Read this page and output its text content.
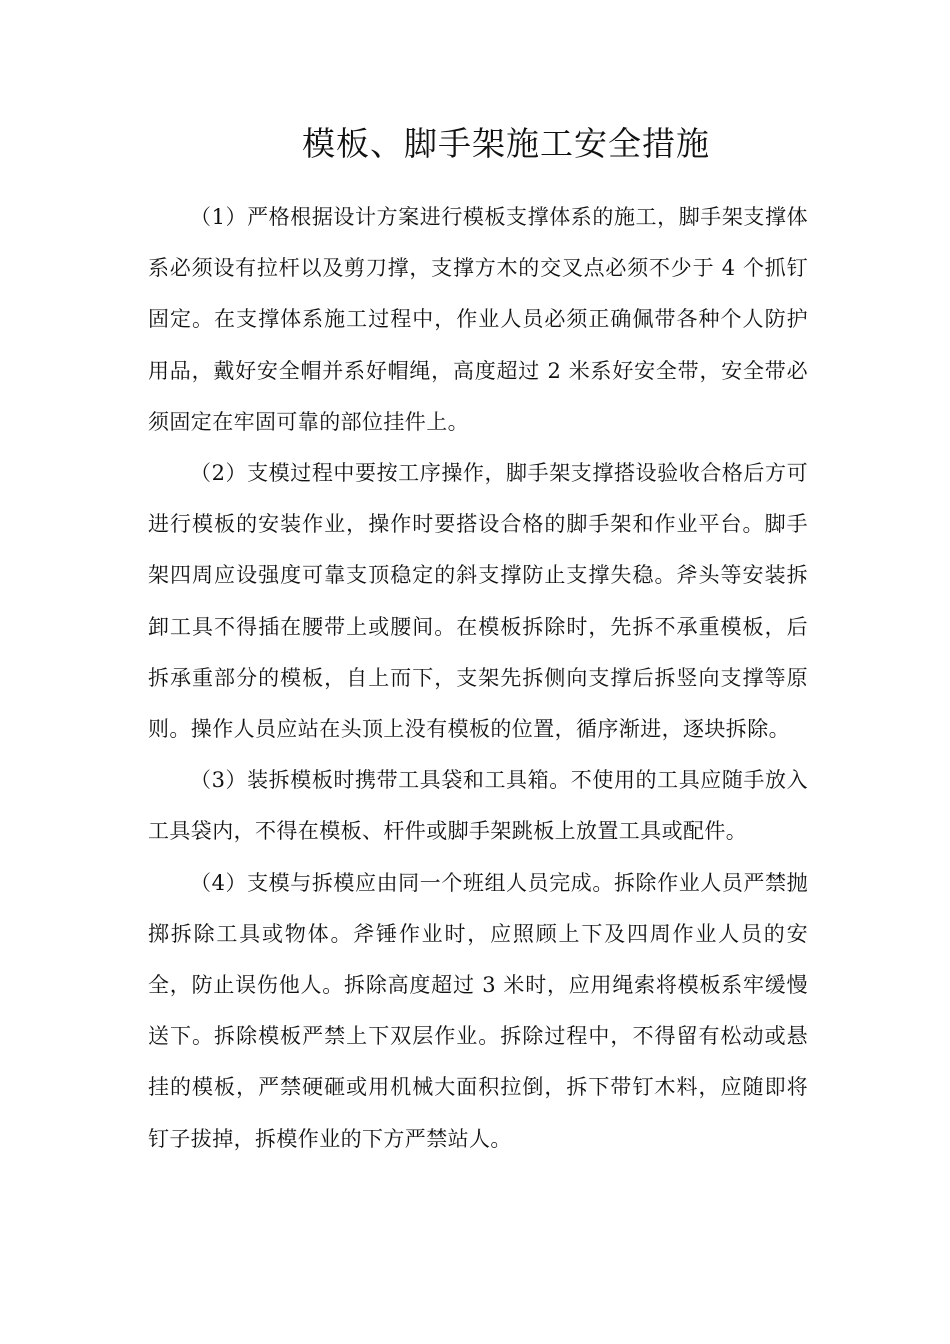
模板、脚手架施工安全措施

（1）严格根据设计方案进行模板支撑体系的施工，脚手架支撑体系必须设有拉杆以及剪刀撑，支撑方木的交叉点必须不少于 4 个抓钉固定。在支撑体系施工过程中，作业人员必须正确佩带各种个人防护用品，戴好安全帽并系好帽绳，高度超过 2 米系好安全带，安全带必须固定在牢固可靠的部位挂件上。

（2）支模过程中要按工序操作，脚手架支撑搭设验收合格后方可进行模板的安装作业，操作时要搭设合格的脚手架和作业平台。脚手架四周应设强度可靠支顶稳定的斜支撑防止支撑失稳。斧头等安装拆卸工具不得插在腰带上或腰间。在模板拆除时，先拆不承重模板，后拆承重部分的模板，自上而下，支架先拆侧向支撑后拆竖向支撑等原则。操作人员应站在头顶上没有模板的位置，循序渐进，逐块拆除。

（3）装拆模板时携带工具袋和工具箱。不使用的工具应随手放入工具袋内，不得在模板、杆件或脚手架跳板上放置工具或配件。

（4）支模与拆模应由同一个班组人员完成。拆除作业人员严禁抛掷拆除工具或物体。斧锤作业时，应照顾上下及四周作业人员的安全，防止误伤他人。拆除高度超过 3 米时，应用绳索将模板系牢缓慢送下。拆除模板严禁上下双层作业。拆除过程中，不得留有松动或悬挂的模板，严禁硬砸或用机械大面积拉倒，拆下带钉木料，应随即将钉子拔掉，拆模作业的下方严禁站人。
